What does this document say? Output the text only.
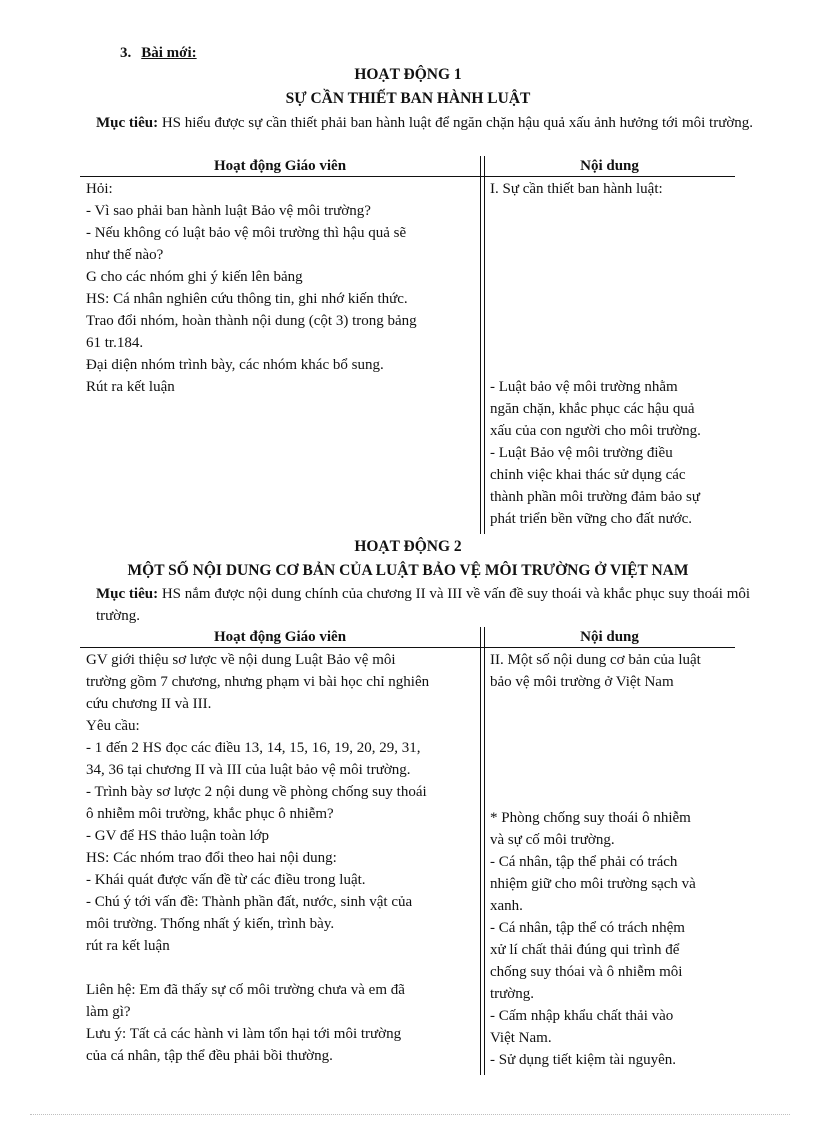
3. Bài mới:
HOẠT ĐỘNG 1
SỰ CẦN THIẾT BAN HÀNH LUẬT
Mục tiêu: HS hiểu được sự cần thiết phải ban hành luật để ngăn chặn hậu quả xấu ảnh hưởng tới môi trường.
Hoạt động Giáo viên	Nội dung
Hỏi:
- Vì sao phải ban hành luật Bảo vệ môi trường?
- Nếu không có luật bảo vệ môi trường thì hậu quả sẽ
như thế nào?
G cho các nhóm ghi ý kiến lên bảng
HS: Cá nhân nghiên cứu thông tin, ghi nhớ kiến thức.
Trao đổi nhóm, hoàn thành nội dung (cột 3) trong bảng
61 tr.184.
Đại diện nhóm trình bày, các nhóm khác bổ sung.
Rút ra kết luận
I. Sự cần thiết ban hành luật:
- Luật bảo vệ môi trường nhằm
ngăn chặn, khắc phục các hậu quả
xấu của con người cho môi trường.
- Luật Bảo vệ môi trường điều
chỉnh việc khai thác sử dụng các
thành phần môi trường đảm bảo sự
phát triển bền vững cho đất nước.
HOẠT ĐỘNG 2
MỘT SỐ NỘI DUNG CƠ BẢN CỦA LUẬT BẢO VỆ MÔI TRƯỜNG Ở VIỆT NAM
Mục tiêu: HS nắm được nội dung chính của chương II và III về vấn đề suy thoái và khắc phục suy thoái môi trường.
Hoạt động Giáo viên	Nội dung
GV giới thiệu sơ lược về nội dung Luật Bảo vệ môi
trường gồm 7 chương, nhưng phạm vi bài học chỉ nghiên
cứu chương II và III.
Yêu cầu:
- 1 đến 2 HS đọc các điều 13, 14, 15, 16, 19, 20, 29, 31,
34, 36 tại chương II và III của luật bảo vệ môi trường.
- Trình bày sơ lược 2 nội dung về phòng chống suy thoái
ô nhiễm môi trường, khắc phục ô nhiễm?
- GV để HS thảo luận toàn lớp
HS: Các nhóm trao đổi theo hai nội dung:
- Khái quát được vấn đề từ các điều trong luật.
- Chú ý tới vấn đề: Thành phần đất, nước, sinh vật của
môi trường. Thống nhất ý kiến, trình bày.
rút ra kết luận

Liên hệ: Em đã thấy sự cố môi trường chưa và em đã
làm gì?
Lưu ý: Tất cả các hành vi làm tổn hại tới môi trường
của cá nhân, tập thể đều phải bồi thường.
II. Một số nội dung cơ bản của luật
bảo vệ môi trường ở Việt Nam
* Phòng chống suy thoái ô nhiễm
và sự cố môi trường.
- Cá nhân, tập thể phải có trách
nhiệm giữ cho môi trường sạch và
xanh.
- Cá nhân, tập thể có trách nhệm
xử lí chất thải đúng qui trình để
chống suy thóai và ô nhiễm môi
trường.
- Cấm nhập khẩu chất thải vào
Việt Nam.
- Sử dụng tiết kiệm tài nguyên.
